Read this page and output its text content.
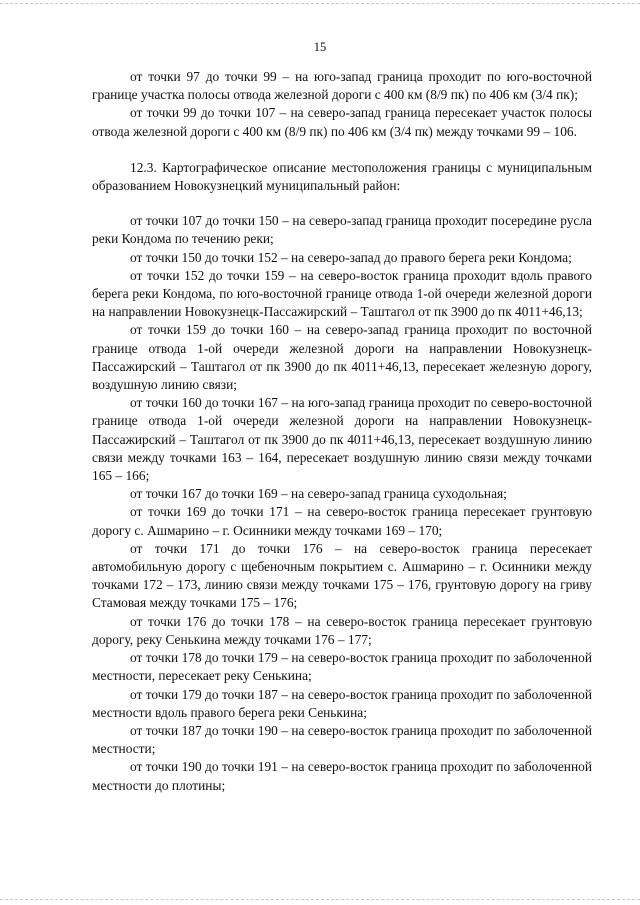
15

от точки 97 до точки 99 – на юго-запад граница проходит по юго-восточной границе участка полосы отвода железной дороги с 400 км (8/9 пк) по 406 км (3/4 пк);

от точки 99 до точки 107 – на северо-запад граница пересекает участок полосы отвода железной дороги с 400 км (8/9 пк) по 406 км (3/4 пк) между точками 99 – 106.

12.3. Картографическое описание местоположения границы с муниципальным образованием Новокузнецкий муниципальный район:

от точки 107 до точки 150 – на северо-запад граница проходит посередине русла реки Кондома по течению реки;

от точки 150 до точки 152 – на северо-запад до правого берега реки Кондома;

от точки 152 до точки 159 – на северо-восток граница проходит вдоль правого берега реки Кондома, по юго-восточной границе отвода 1-ой очереди железной дороги на направлении Новокузнецк-Пассажирский – Таштагол от пк 3900 до пк 4011+46,13;

от точки 159 до точки 160 – на северо-запад граница проходит по восточной границе отвода 1-ой очереди железной дороги на направлении Новокузнецк-Пассажирский – Таштагол от пк 3900 до пк 4011+46,13, пересекает железную дорогу, воздушную линию связи;

от точки 160 до точки 167 – на юго-запад граница проходит по северо-восточной границе отвода 1-ой очереди железной дороги на направлении Новокузнецк-Пассажирский – Таштагол от пк 3900 до пк 4011+46,13, пересекает воздушную линию связи между точками 163 – 164, пересекает воздушную линию связи между точками 165 – 166;

от точки 167 до точки 169 – на северо-запад граница суходольная;

от точки 169 до точки 171 – на северо-восток граница пересекает грунтовую дорогу с. Ашмарино – г. Осинники между точками 169 – 170;

от точки 171 до точки 176 – на северо-восток граница пересекает автомобильную дорогу с щебеночным покрытием с. Ашмарино – г. Осинники между точками 172 – 173, линию связи между точками 175 – 176, грунтовую дорогу на гриву Стамовая между точками 175 – 176;

от точки 176 до точки 178 – на северо-восток граница пересекает грунтовую дорогу, реку Сенькина между точками 176 – 177;

от точки 178 до точки 179 – на северо-восток граница проходит по заболоченной местности, пересекает реку Сенькина;

от точки 179 до точки 187 – на северо-восток граница проходит по заболоченной местности вдоль правого берега реки Сенькина;

от точки 187 до точки 190 – на северо-восток граница проходит по заболоченной местности;

от точки 190 до точки 191 – на северо-восток граница проходит по заболоченной местности до плотины;
